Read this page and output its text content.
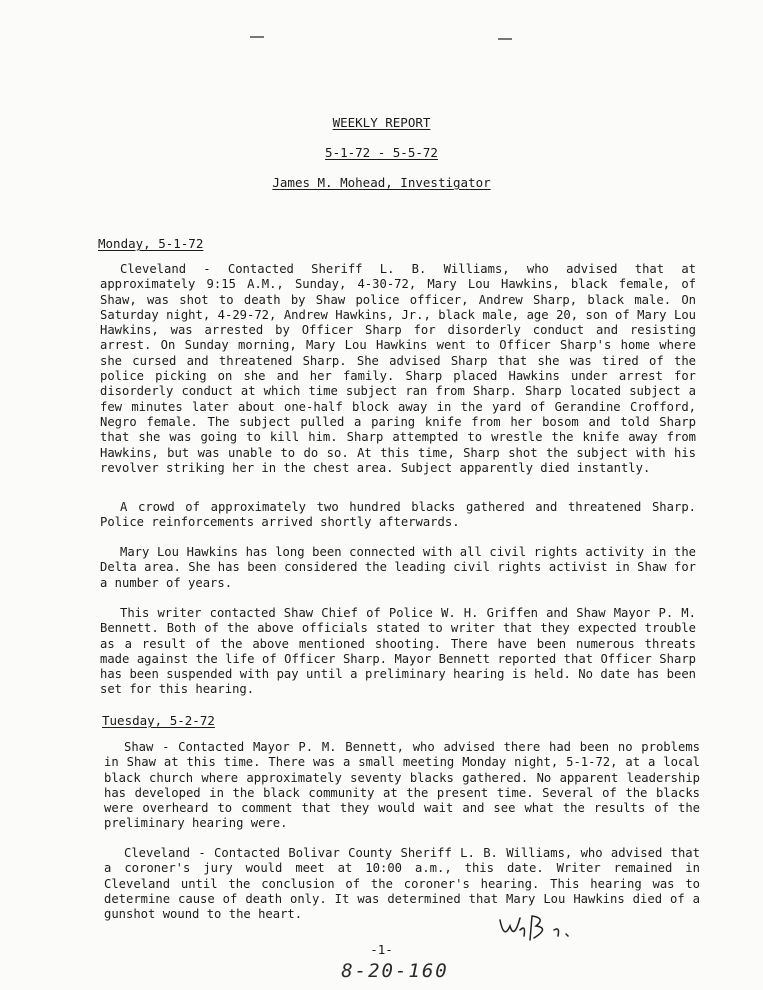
WEEKLY REPORT
5-1-72 - 5-5-72
James M. Mohead, Investigator
Monday, 5-1-72
Cleveland - Contacted Sheriff L. B. Williams, who advised that at approximately 9:15 A.M., Sunday, 4-30-72, Mary Lou Hawkins, black female, of Shaw, was shot to death by Shaw police officer, Andrew Sharp, black male. On Saturday night, 4-29-72, Andrew Hawkins, Jr., black male, age 20, son of Mary Lou Hawkins, was arrested by Officer Sharp for disorderly conduct and resisting arrest. On Sunday morning, Mary Lou Hawkins went to Officer Sharp's home where she cursed and threatened Sharp. She advised Sharp that she was tired of the police picking on she and her family. Sharp placed Hawkins under arrest for disorderly conduct at which time subject ran from Sharp. Sharp located subject a few minutes later about one-half block away in the yard of Gerandine Crofford, Negro female. The subject pulled a paring knife from her bosom and told Sharp that she was going to kill him. Sharp attempted to wrestle the knife away from Hawkins, but was unable to do so. At this time, Sharp shot the subject with his revolver striking her in the chest area. Subject apparently died instantly.
A crowd of approximately two hundred blacks gathered and threatened Sharp. Police reinforcements arrived shortly afterwards.
Mary Lou Hawkins has long been connected with all civil rights activity in the Delta area. She has been considered the leading civil rights activist in Shaw for a number of years.
This writer contacted Shaw Chief of Police W. H. Griffen and Shaw Mayor P. M. Bennett. Both of the above officials stated to writer that they expected trouble as a result of the above mentioned shooting. There have been numerous threats made against the life of Officer Sharp. Mayor Bennett reported that Officer Sharp has been suspended with pay until a preliminary hearing is held. No date has been set for this hearing.
Tuesday, 5-2-72
Shaw - Contacted Mayor P. M. Bennett, who advised there had been no problems in Shaw at this time. There was a small meeting Monday night, 5-1-72, at a local black church where approximately seventy blacks gathered. No apparent leadership has developed in the black community at the present time. Several of the blacks were overheard to comment that they would wait and see what the results of the preliminary hearing were.
Cleveland - Contacted Bolivar County Sheriff L. B. Williams, who advised that a coroner's jury would meet at 10:00 a.m., this date. Writer remained in Cleveland until the conclusion of the coroner's hearing. This hearing was to determine cause of death only. It was determined that Mary Lou Hawkins died of a gunshot wound to the heart.
-1-
8-20-160
